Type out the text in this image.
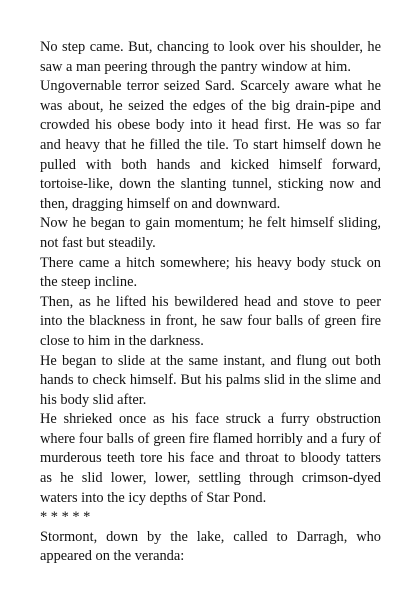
No step came. But, chancing to look over his shoulder, he saw a man peering through the pantry window at him.

Ungovernable terror seized Sard. Scarcely aware what he was about, he seized the edges of the big drain-pipe and crowded his obese body into it head first. He was so far and heavy that he filled the tile. To start himself down he pulled with both hands and kicked himself forward, tortoise-like, down the slanting tunnel, sticking now and then, dragging himself on and downward.

Now he began to gain momentum; he felt himself sliding, not fast but steadily.

There came a hitch somewhere; his heavy body stuck on the steep incline.

Then, as he lifted his bewildered head and stove to peer into the blackness in front, he saw four balls of green fire close to him in the darkness.

He began to slide at the same instant, and flung out both hands to check himself. But his palms slid in the slime and his body slid after.

He shrieked once as his face struck a furry obstruction where four balls of green fire flamed horribly and a fury of murderous teeth tore his face and throat to bloody tatters as he slid lower, lower, settling through crimson-dyed waters into the icy depths of Star Pond.

* * * * *

Stormont, down by the lake, called to Darragh, who appeared on the veranda:
